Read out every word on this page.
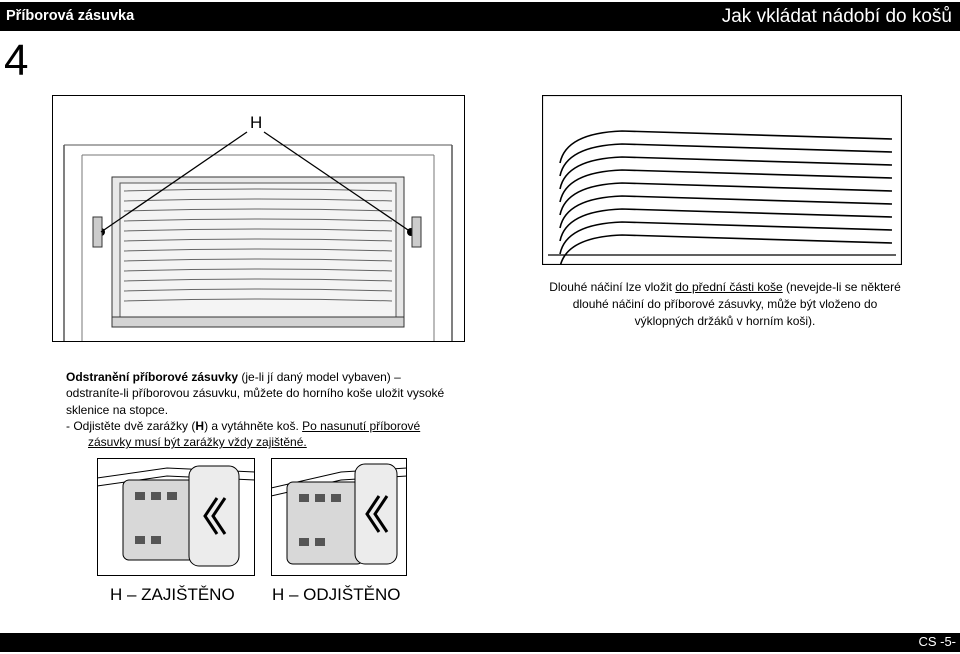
Příborová zásuvka	Jak vkládat nádobí do košů
4
H
Dlouhé náčiní lze vložit do přední části koše (nevejde-li se některé dlouhé náčiní do příborové zásuvky, může být vloženo do výklopných držáků v horním koši).
Odstranění příborové zásuvky (je-li jí daný model vybaven) – odstraníte-li příborovou zásuvku, můžete do horního koše uložit vysoké sklenice na stopce.
- Odjistěte dvě zarážky (H) a vytáhněte koš. Po nasunutí příborové zásuvky musí být zarážky vždy zajištěné.
H – ZAJIŠTĚNO H – ODJIŠTĚNO
CS -5-
